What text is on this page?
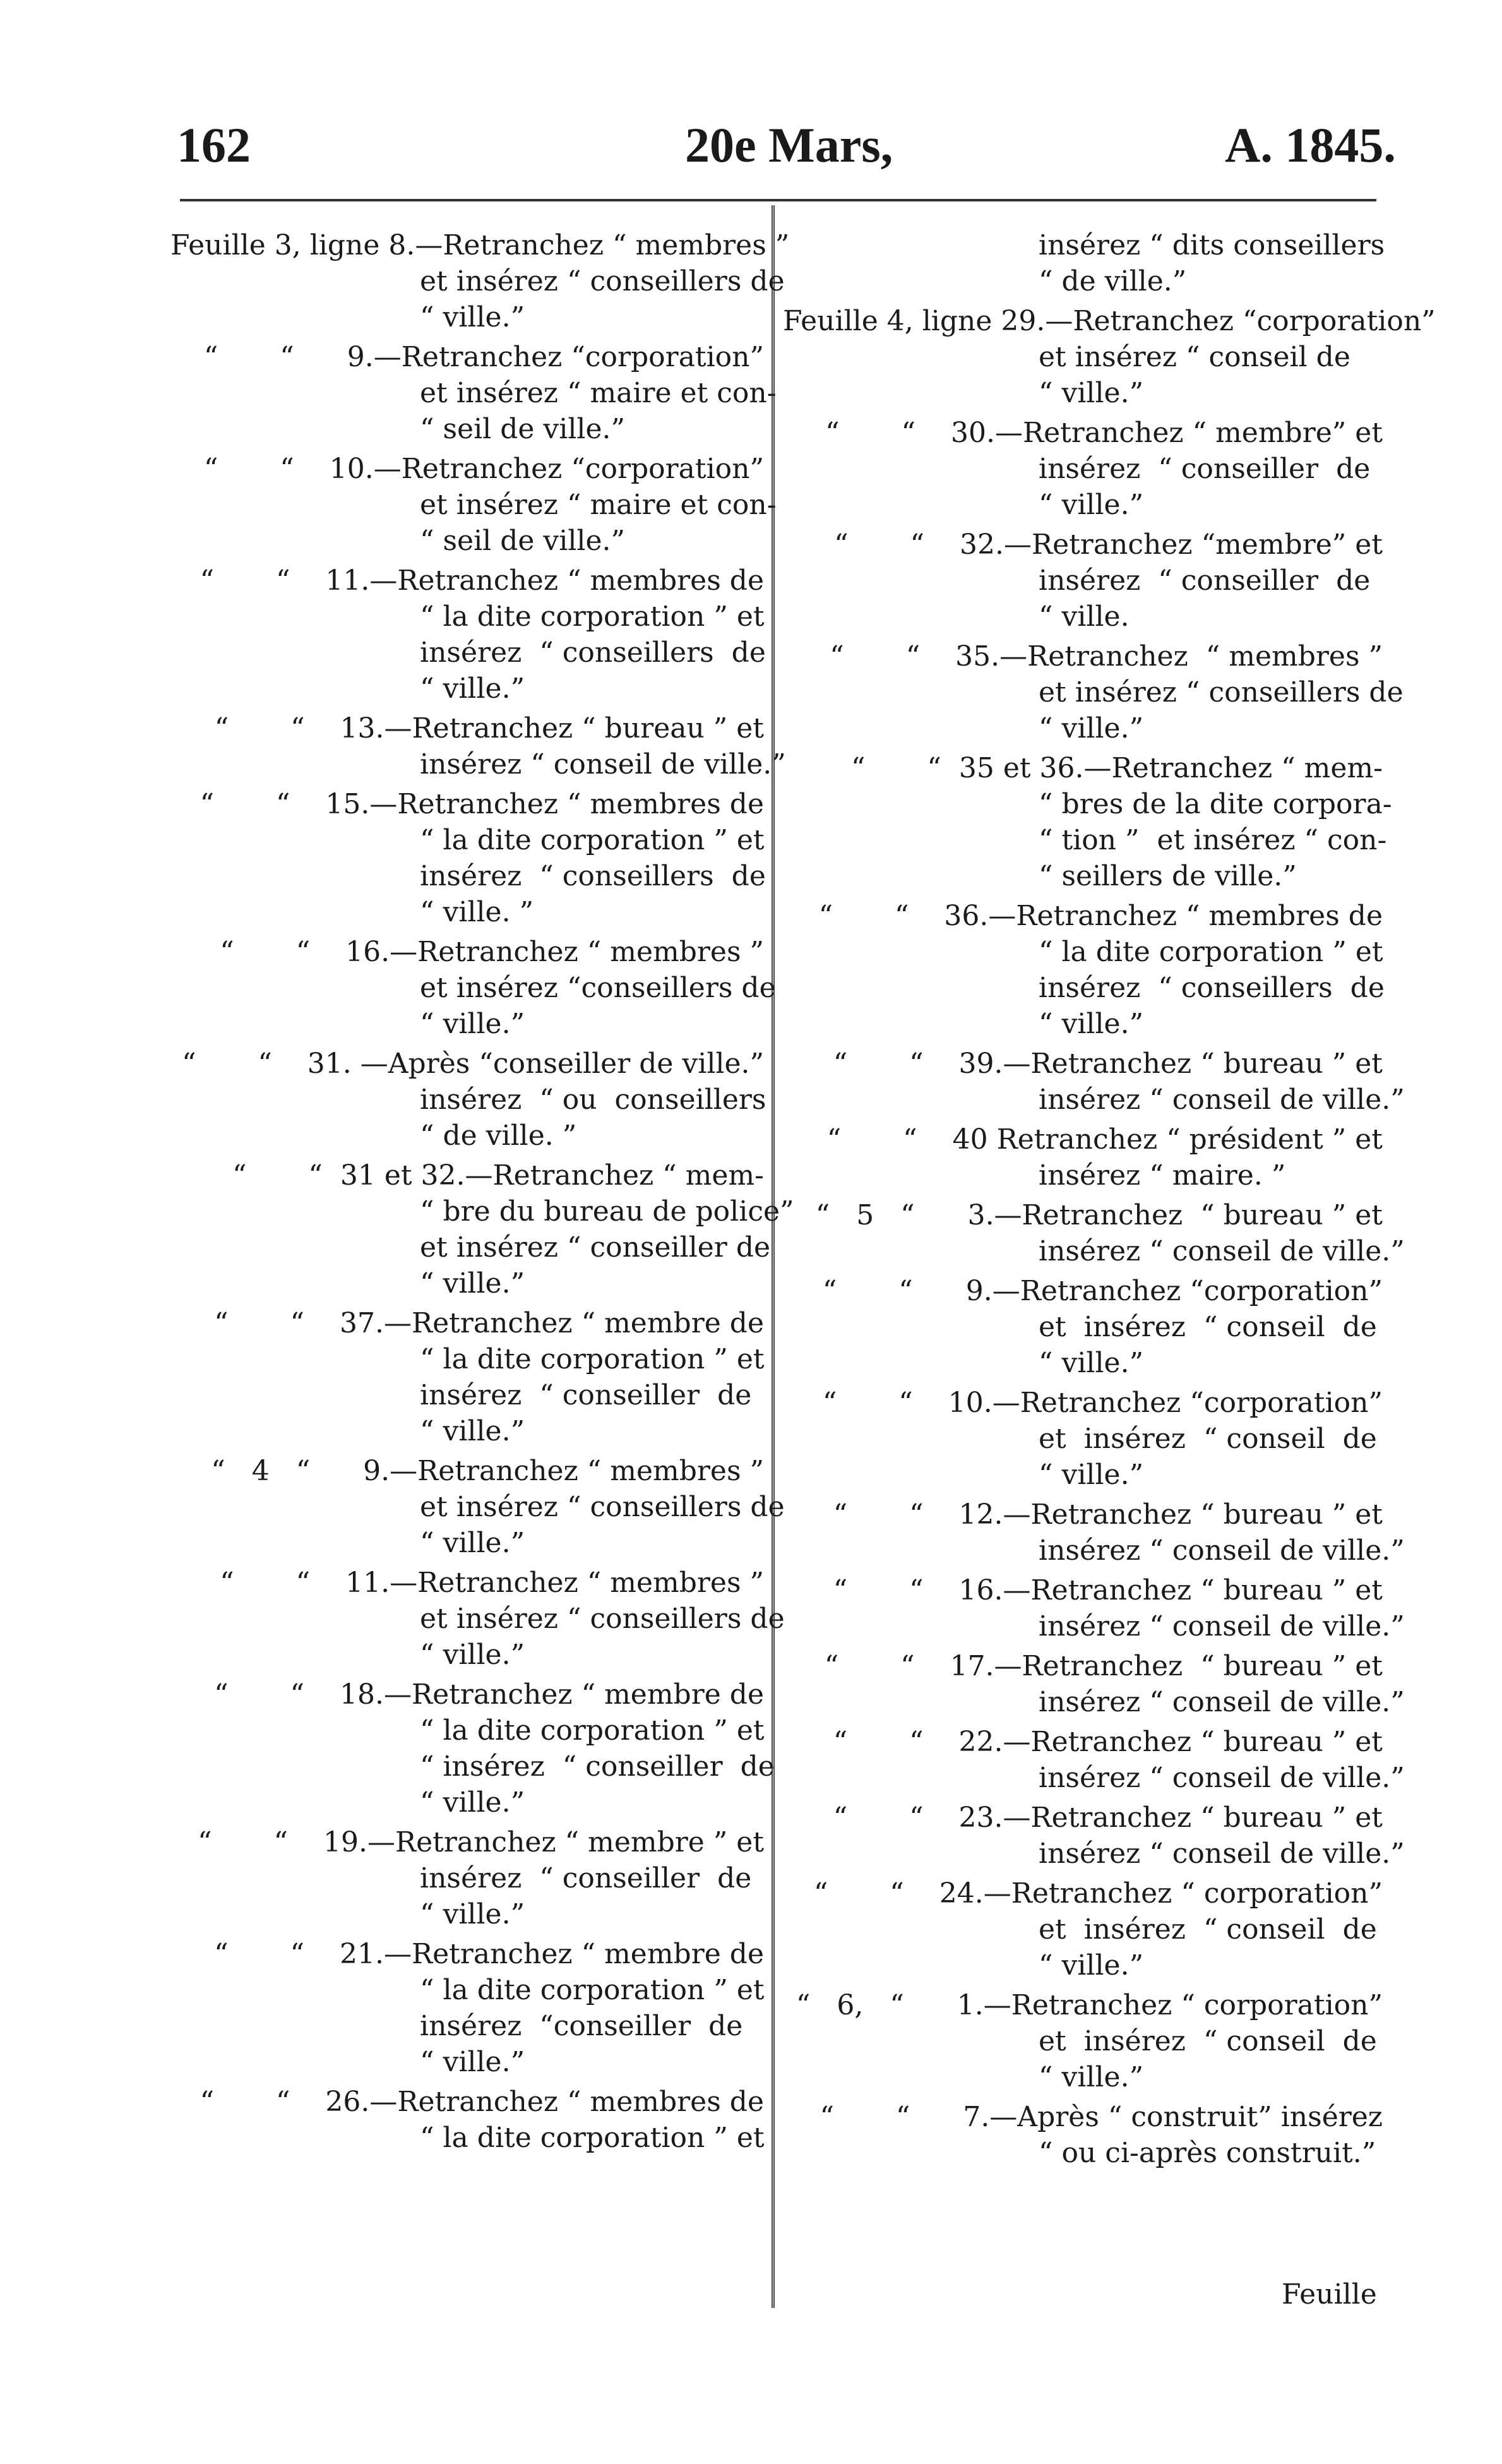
162	20e Mars,	A. 1845.
Feuille 3, ligne 8.—Retranchez “ membres ”
et insérez “ conseillers de
“ ville.”
“       “      9.—Retranchez “corporation”
et insérez “ maire et con-
“ seil de ville.”
“       “    10.—Retranchez “corporation”
et insérez “ maire et con-
“ seil de ville.”
“       “    11.—Retranchez “ membres de
“ la dite corporation ” et
insérez  “ conseillers  de
“ ville.”
“       “    13.—Retranchez “ bureau ” et
insérez “ conseil de ville.”
“       “    15.—Retranchez “ membres de
“ la dite corporation ” et
insérez  “ conseillers  de
“ ville. ”
“       “    16.—Retranchez “ membres ”
et insérez “conseillers de
“ ville.”
“       “    31. —Après “conseiller de ville.”
insérez  “ ou  conseillers
“ de ville. ”
“       “  31 et 32.—Retranchez “ mem-
“ bre du bureau de police”
et insérez “ conseiller de
“ ville.”
“       “    37.—Retranchez “ membre de
“ la dite corporation ” et
insérez  “ conseiller  de
“ ville.”
“   4   “      9.—Retranchez “ membres ”
et insérez “ conseillers de
“ ville.”
“       “    11.—Retranchez “ membres ”
et insérez “ conseillers de
“ ville.”
“       “    18.—Retranchez “ membre de
“ la dite corporation ” et
“ insérez  “ conseiller  de
“ ville.”
“       “    19.—Retranchez “ membre ” et
insérez  “ conseiller  de
“ ville.”
“       “    21.—Retranchez “ membre de
“ la dite corporation ” et
insérez  “conseiller  de
“ ville.”
“       “    26.—Retranchez “ membres de
“ la dite corporation ” et
insérez “ dits conseillers
“ de ville.”
Feuille 4, ligne 29.—Retranchez “corporation”
et insérez “ conseil de
“ ville.”
“       “    30.—Retranchez “ membre” et
insérez  “ conseiller  de
“ ville.”
“       “    32.—Retranchez “membre” et
insérez  “ conseiller  de
“ ville.
“       “    35.—Retranchez  “ membres ”
et insérez “ conseillers de
“ ville.”
“       “  35 et 36.—Retranchez “ mem-
“ bres de la dite corpora-
“ tion ”  et insérez “ con-
“ seillers de ville.”
“       “    36.—Retranchez “ membres de
“ la dite corporation ” et
insérez  “ conseillers  de
“ ville.”
“       “    39.—Retranchez “ bureau ” et
insérez “ conseil de ville.”
“       “    40 Retranchez “ président ” et
insérez “ maire. ”
“   5   “      3.—Retranchez  “ bureau ” et
insérez “ conseil de ville.”
“       “      9.—Retranchez “corporation”
et  insérez  “ conseil  de
“ ville.”
“       “    10.—Retranchez “corporation”
et  insérez  “ conseil  de
“ ville.”
“       “    12.—Retranchez “ bureau ” et
insérez “ conseil de ville.”
“       “    16.—Retranchez “ bureau ” et
insérez “ conseil de ville.”
“       “    17.—Retranchez  “ bureau ” et
insérez “ conseil de ville.”
“       “    22.—Retranchez “ bureau ” et
insérez “ conseil de ville.”
“       “    23.—Retranchez “ bureau ” et
insérez “ conseil de ville.”
“       “    24.—Retranchez “ corporation”
et  insérez  “ conseil  de
“ ville.”
“   6,   “      1.—Retranchez “ corporation”
et  insérez  “ conseil  de
“ ville.”
“       “      7.—Après “ construit” insérez
“ ou ci-après construit.”
Feuille
